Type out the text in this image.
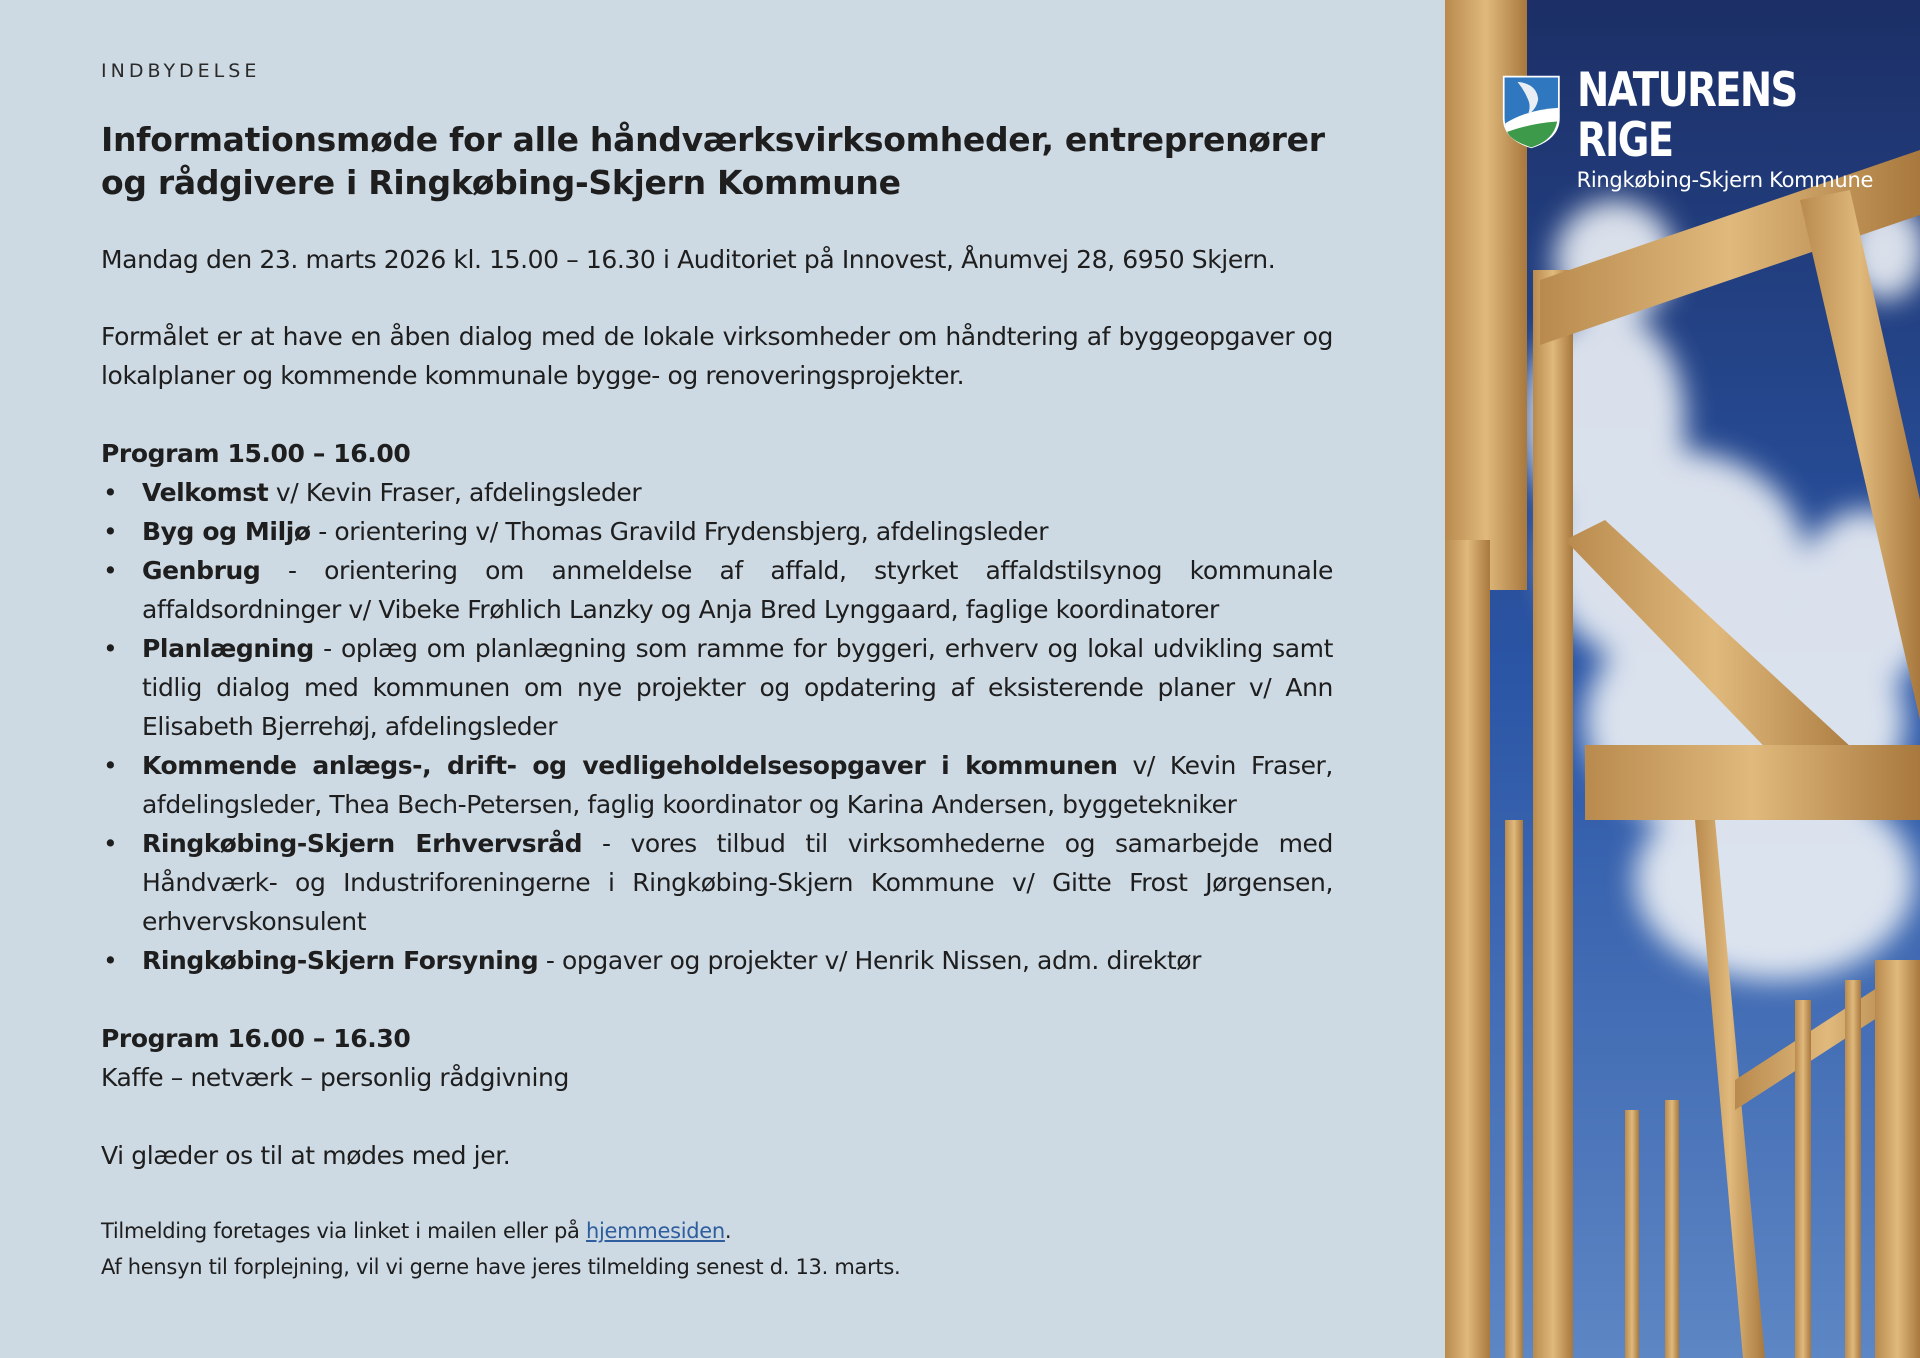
INDBYDELSE
Informationsmøde for alle håndværksvirksomheder, entreprenører og rådgivere i Ringkøbing-Skjern Kommune

Mandag den 23. marts 2026 kl. 15.00 – 16.30 i Auditoriet på Innovest, Ånumvej 28, 6950 Skjern.

Formålet er at have en åben dialog med de lokale virksomheder om håndtering af byggeopgaver og lokalplaner og kommende kommunale bygge- og renoveringsprojekter.

Program 15.00 – 16.00

• Velkomst v/ Kevin Fraser, afdelingsleder
• Byg og Miljø - orientering v/ Thomas Gravild Frydensbjerg, afdelingsleder
• Genbrug - orientering om anmeldelse af affald, styrket affaldstilsynog kommunale affaldsordninger v/ Vibeke Frøhlich Lanzky og Anja Bred Lynggaard, faglige koordinatorer
• Planlægning - oplæg om planlægning som ramme for byggeri, erhverv og lokal udvikling samt tidlig dialog med kommunen om nye projekter og opdatering af eksisterende planer v/ Ann Elisabeth Bjerrehøj, afdelingsleder
• Kommende anlægs-, drift- og vedligeholdelsesopgaver i kommunen v/ Kevin Fraser, afdelingsleder, Thea Bech-Petersen, faglig koordinator og Karina Andersen, byggetekniker
• Ringkøbing-Skjern Erhvervsråd - vores tilbud til virksomhederne og samarbejde med Håndværk- og Industriforeningerne i Ringkøbing-Skjern Kommune v/ Gitte Frost Jørgensen, erhvervskonsulent
• Ringkøbing-Skjern Forsyning - opgaver og projekter v/ Henrik Nissen, adm. direktør

Program 16.00 – 16.30

Kaffe – netværk – personlig rådgivning

Vi glæder os til at mødes med jer.

Tilmelding foretages via linket i mailen eller på hjemmesiden.

Af hensyn til forplejning, vil vi gerne have jeres tilmelding senest d. 13. marts.

NATURENS RIGE
Ringkøbing-Skjern Kommune
